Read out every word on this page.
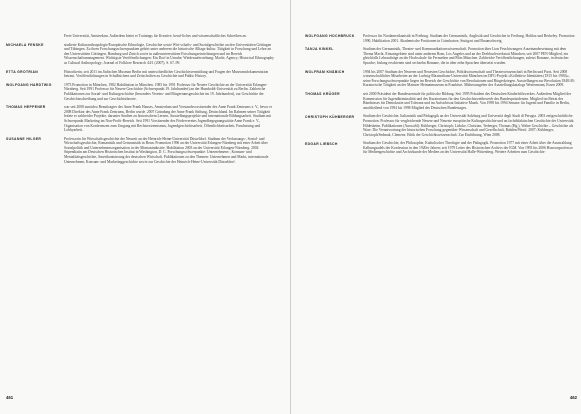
Freie Universität, Amsterdam. Außerdem bietet er Trainings für Kreative, beruf-liches und wissenschaftliches Schreiben an.
MICHAELA FENSKE	studierte Kulturanthropologie/Europäische Ethnologie, Geschichte sowie Wirt-schafts- und Sozialgeschichte an den Universitäten Göttingen und Tübingen. Zu ihren Forschungsschwerpunkten gehört unter anderem die historische Alltags-kultur. Tätigkeit in Forschung und Lehre an den Universitäten Göttingen, Hamburg und Zürich sowie in außeruniversitären Forschungseinrichtungen und im Bereich Wissenschaftsmanagement. Wichtigste Veröffentlichungen: Ein Dorf in Unruhe; Wiederauferstehung; Macht; Agency; Historical Ethnography as Cultural Anthropology; Journal of Folklore Research 44/1 (2007), S. 67–99.
ETTA GROTRIAN	Historikerin, seit 2011 im Jüdischen Museum Berlin mit unterschiedlicher Geschichtsvermittlung und Fragen der Museumsdokumentation betraut. Veröffentlichungen in Schulbüchern und Zeitschriften zu Geschichte und Public History.
WOLFGANG HARDTWIG	1973 Promotion in München, 1982 Habilitation in München. 1985 bis 1991 Professor für Neuere Geschichte an der Universität Erlangen-Nürnberg. Seit 1991 Professor für Neuere Geschichte (Schwerpunkt 19. Jahrhundert) an der Humboldt-Universität zu Berlin. Zahlreiche Publikationen zur Sozial- und Kulturgeschichte (besonders Vereins- und Bürgertumsgeschichte im 19. Jahrhundert), zur Geschichte der Geschichtsschreibung und zur Geschichtstheorie.
THOMAS HEPPENER	war seit 2008 zunächst Beauftragter des Anne Frank Hauses, Amsterdam und Vorstandsvorsitzender des Anne Frank Zentrums e. V., bevor er 2008 Direktor des Anne Frank Zentrums, Berlin wurde. 2007 Gründung der Anne Frank Stiftung, Deutschland. Im Rahmen seiner Tätigkeit leitete er zahlreiche Projekte, darunter Studien zu historischem Lernen, Ausstellungsprojekte und internationale Bildungsarbeit. Studium mit Schwerpunkt Marketing im Non-Profit-Bereich. Seit 1991 Vorsitzender des Fördervereins Jugendbegegnungsstätte Anne Frank e. V., Organisation von Konferenzen zum Umgang mit Rechtsextremismus, Jugendgeschichtsarbeit, Öffentlichkeitsarbeit, Fundraising und Lobbyarbeit.
SUSANNE HILGER	Professorin für Wirtschaftsgeschichte der Neuzeit an der Heinrich-Heine-Universität Düsseldorf. Studium der Verfassungs-, Sozial- und Wirtschaftsgeschichte, Romanistik und Germanistik in Bonn. Promotion 1996 an der Universität Erlangen-Nürnberg mit einer Arbeit über Sozialpolitik und Unternehmensorganisation in der Montanindustrie. Habilitation 2003 an der Universität Erlangen-Nürnberg. 2004 Stipendiatin am Deutschen Historischen Institut in Washington, D. C. Forschungsschwerpunkte: Unternehmens-, Konsum- und Mentalitätsgeschichte, Amerikanisierung der deutschen Wirtschaft. Publikationen zu den Themen: Unternehmen und Markt, internationale Unternehmen, Konsum- und Marketinggeschichte sowie zur Geschichte der Heinrich-Heine-Universität Düsseldorf.
461
WOLFGANG HOCHBRUCK	Professor für Nordamerikanistik in Freiburg. Studium der Germanistik, Anglistik und Geschichte in Freiburg, Halifax und Berkeley. Promotion 1990, Habilitation 2001. Akademische Positionen in Coimbatore, Stuttgart und Braunschweig.
TANJA KINKEL	Studium der Germanistik, Theater- und Kommunikationswissenschaft. Promotion über Lion Feuchtwangers Auseinandersetzung mit dem Thema Macht. Einsatzgebiete sind unter anderem Rom, Los Angeles und an der Drehbuchwerkstatt München, seit 2007 PEN-Mitglied, ein gleichfalls Lehraufträge an der Hochschule für Fernsehen und Film München. Zahlreiche Veröffentlichungen, zuletzt Romane, in deutscher Sprache; bislang erschienen sind sechzehn Romane, die in über zehn Sprachen übersetzt wurden.
WOLFRAM KNÄBICH	1994 bis 2007 Studium der Neueren und Neuesten Geschichte, Politikwissenschaft und Theaterwissenschaft in Berlin und Paris. Seit 2008 wissenschaftlicher Mitarbeiter an der Ludwig-Maximilians-Universität München im DFG-Projekt »Kollektive Identitäten (1815 bis 1900)«, seine Forschungsschwerpunkte liegen im Bereich der Geschichte von Revolutionen und Bürgerkriegen. Ausstellungen zur Revolution 1848/49; Kuratorische Tätigkeit an der Mainzer Heimatmuseum in Frankfurt. Mitherausgeber des Ausstellungskatalogs Westermann, Essen 2009.
THOMAS KRÜGER	seit 2000 Präsident der Bundeszentrale für politische Bildung. Seit 1995 Präsident des Deutschen Kinderhilfswerkes. Außerdem Mitglied der Kommission für Jugendkriminalität und des Kuratoriums für den Geschichtswettbewerb des Bundespräsidenten. Mitglied im Beirat des Bündnisses für Demokratie und Toleranz und im Aufsichtsrat Initiative Musik. Von 1998 bis 1994 Senator für Jugend und Familie in Berlin, anschließend von 1994 bis 1998 Mitglied des Deutschen Bundestages.
CHRISTOPH KÜHBERGER	Studium der Geschichte, Italianistik und Pädagogik an der Universität Salzburg und Università degli Studi di Perugia. 2003 zeitgeschichtliche Promotion. Professor für vergleichende Neuere und Neueste europäische Kulturgeschichte und an fachdidaktischen Geschichte der Universität Hildesheim. Publikationen (Auswahl): Kühberger, Christoph; Lübcke, Christian; Terberger, Thomas (Hg.), Wahre Geschichte – Geschichte als Ware. Die Verantwortung der historischen Forschung gegenüber Wissenschaft und Gesellschaft, Rahden/Westf. 2007; Kühberger, Christoph/Sedmak, Clemens: Ethik der Geschichtswissenschaft. Zur Einführung, Wien 2008.
EDGAR LIEBSCH	Studium der Geschichte, der Philosophie, Katholischer Theologie und der Pädagogik. Promotion 1977 mit einer Arbeit über die Ausstrahlung Kalbungsadels der Konfession in den 1920er Jahren; seit 1979 Leiter des Historischen Archivs der IGM. Von 1993 bis 2006 Honorarprofessor für Mediengeschichte und Archivkunde der Medien an der Universität Halle-Wittenberg. Weitere Arbeiten zum Geschichts-
462
